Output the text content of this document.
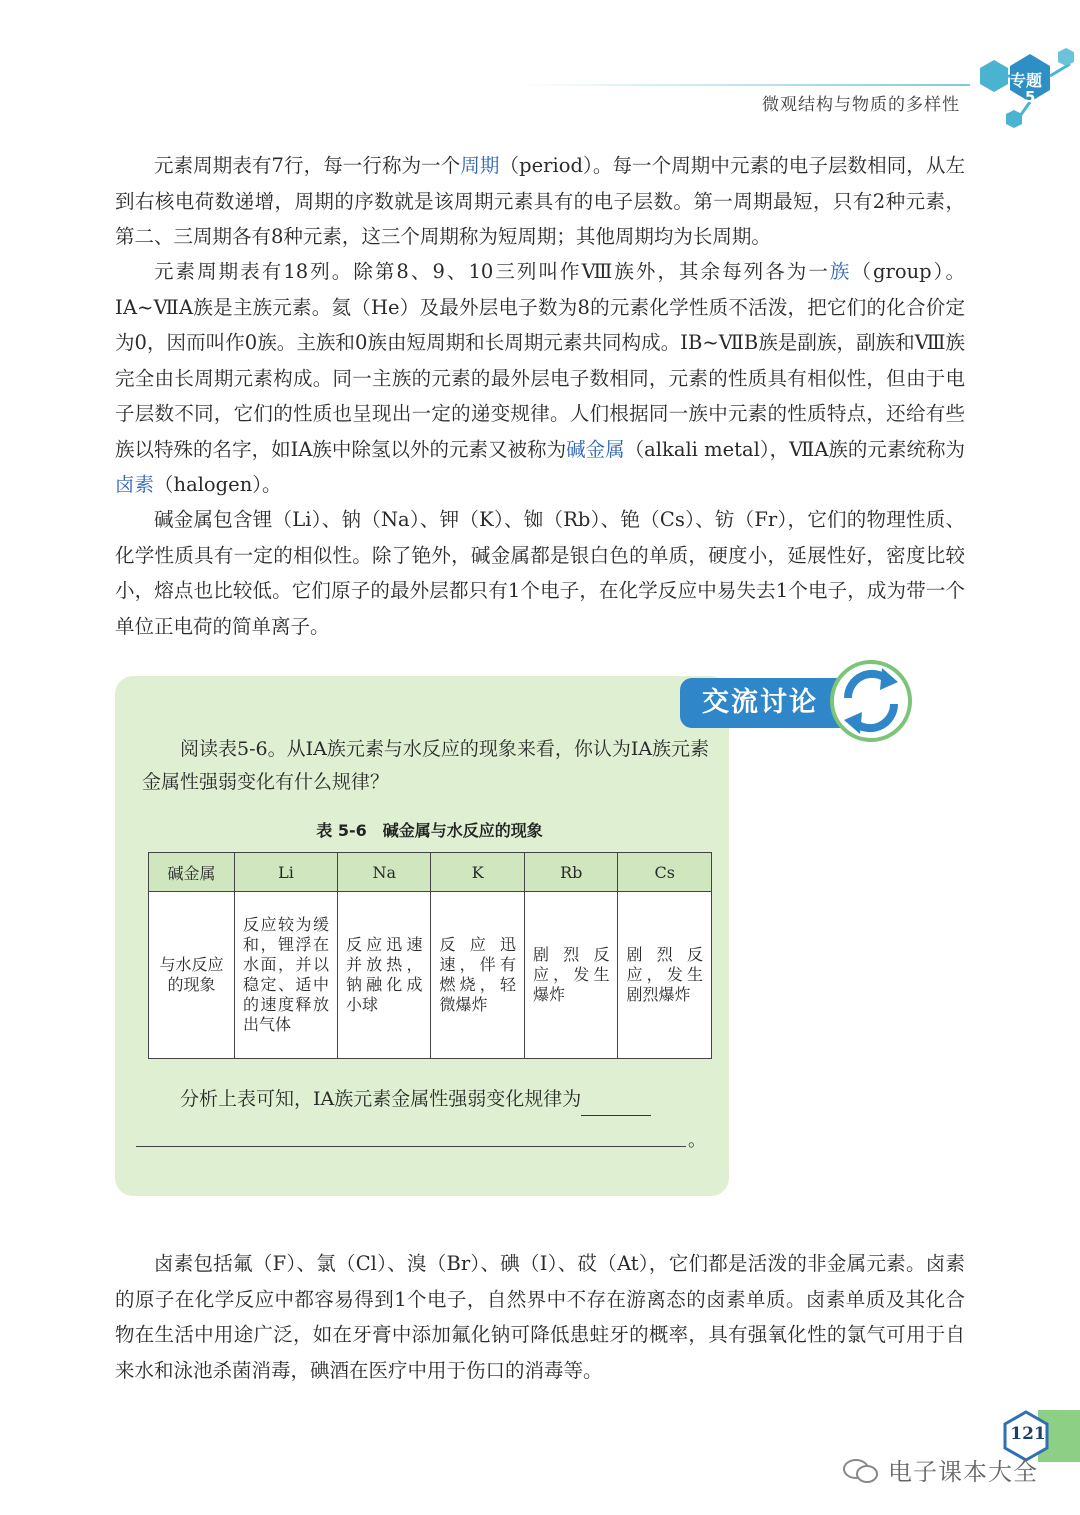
微观结构与物质的多样性
专题
5

元素周期表有7行，每一行称为一个周期（period）。每一个周期中元素的电子层数相同，从左到右核电荷数递增，周期的序数就是该周期元素具有的电子层数。第一周期最短，只有2种元素，第二、三周期各有8种元素，这三个周期称为短周期；其他周期均为长周期。

元素周期表有18列。除第8、9、10三列叫作Ⅷ族外，其余每列各为一族（group）。ⅠA~ⅦA族是主族元素。氦（He）及最外层电子数为8的元素化学性质不活泼，把它们的化合价定为0，因而叫作0族。主族和0族由短周期和长周期元素共同构成。ⅠB~ⅦB族是副族，副族和Ⅷ族完全由长周期元素构成。同一主族的元素的最外层电子数相同，元素的性质具有相似性，但由于电子层数不同，它们的性质也呈现出一定的递变规律。人们根据同一族中元素的性质特点，还给有些族以特殊的名字，如ⅠA族中除氢以外的元素又被称为碱金属（alkali metal），ⅦA族的元素统称为卤素（halogen）。

碱金属包含锂（Li）、钠（Na）、钾（K）、铷（Rb）、铯（Cs）、钫（Fr），它们的物理性质、化学性质具有一定的相似性。除了铯外，碱金属都是银白色的单质，硬度小，延展性好，密度比较小，熔点也比较低。它们原子的最外层都只有1个电子，在化学反应中易失去1个电子，成为带一个单位正电荷的简单离子。

交流讨论

阅读表5-6。从ⅠA族元素与水反应的现象来看，你认为ⅠA族元素金属性强弱变化有什么规律？

表 5-6　碱金属与水反应的现象
碱金属	Li	Na	K	Rb	Cs
与水反应的现象	反应较为缓和，锂浮在水面，并以稳定、适中的速度释放出气体	反应迅速并放热，钠融化成小球	反应迅速，伴有燃烧，轻微爆炸	剧烈反应，发生爆炸	剧烈反应，发生剧烈爆炸

分析上表可知，ⅠA族元素金属性强弱变化规律为

。

卤素包括氟（F）、氯（Cl）、溴（Br）、碘（I）、砹（At），它们都是活泼的非金属元素。卤素的原子在化学反应中都容易得到1个电子，自然界中不存在游离态的卤素单质。卤素单质及其化合物在生活中用途广泛，如在牙膏中添加氟化钠可降低患蛀牙的概率，具有强氧化性的氯气可用于自来水和泳池杀菌消毒，碘酒在医疗中用于伤口的消毒等。

121
电子课本大全
